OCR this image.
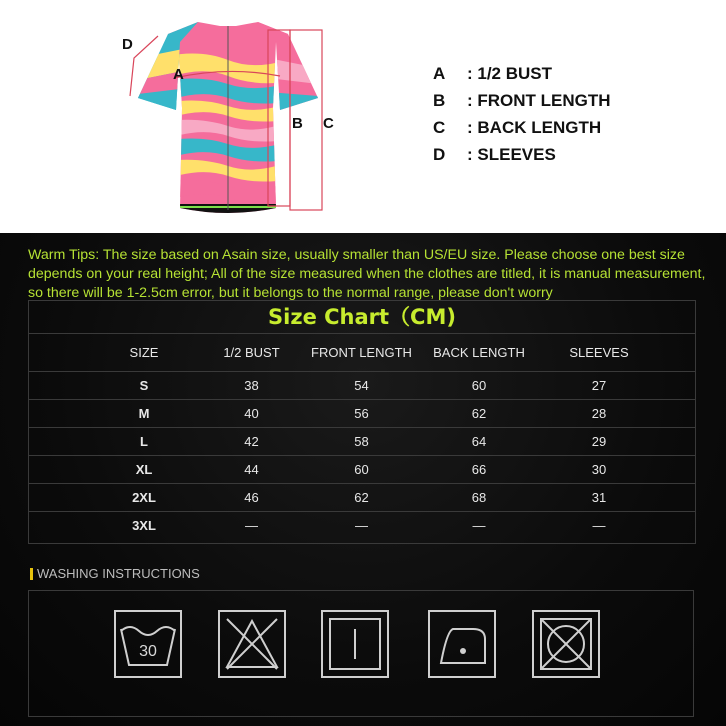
D
A
B C
A	: 1/2 BUST
B	: FRONT LENGTH
C	: BACK LENGTH
D	: SLEEVES
Warm Tips: The size based on Asain size, usually smaller than US/EU size. Please choose one best size depends on your real height; All of the size measured when the clothes are titled, it is manual measurement, so there will be 1-2.5cm error, but it belongs to the normal range, please don't worry
Size Chart（CM)
SIZE	1/2 BUST	FRONT LENGTH	BACK LENGTH	SLEEVES
S	38	54	60	27
M	40	56	62	28
L	42	58	64	29
XL	44	60	66	30
2XL	46	62	68	31
3XL	—	—	—	—
WASHING INSTRUCTIONS
30
